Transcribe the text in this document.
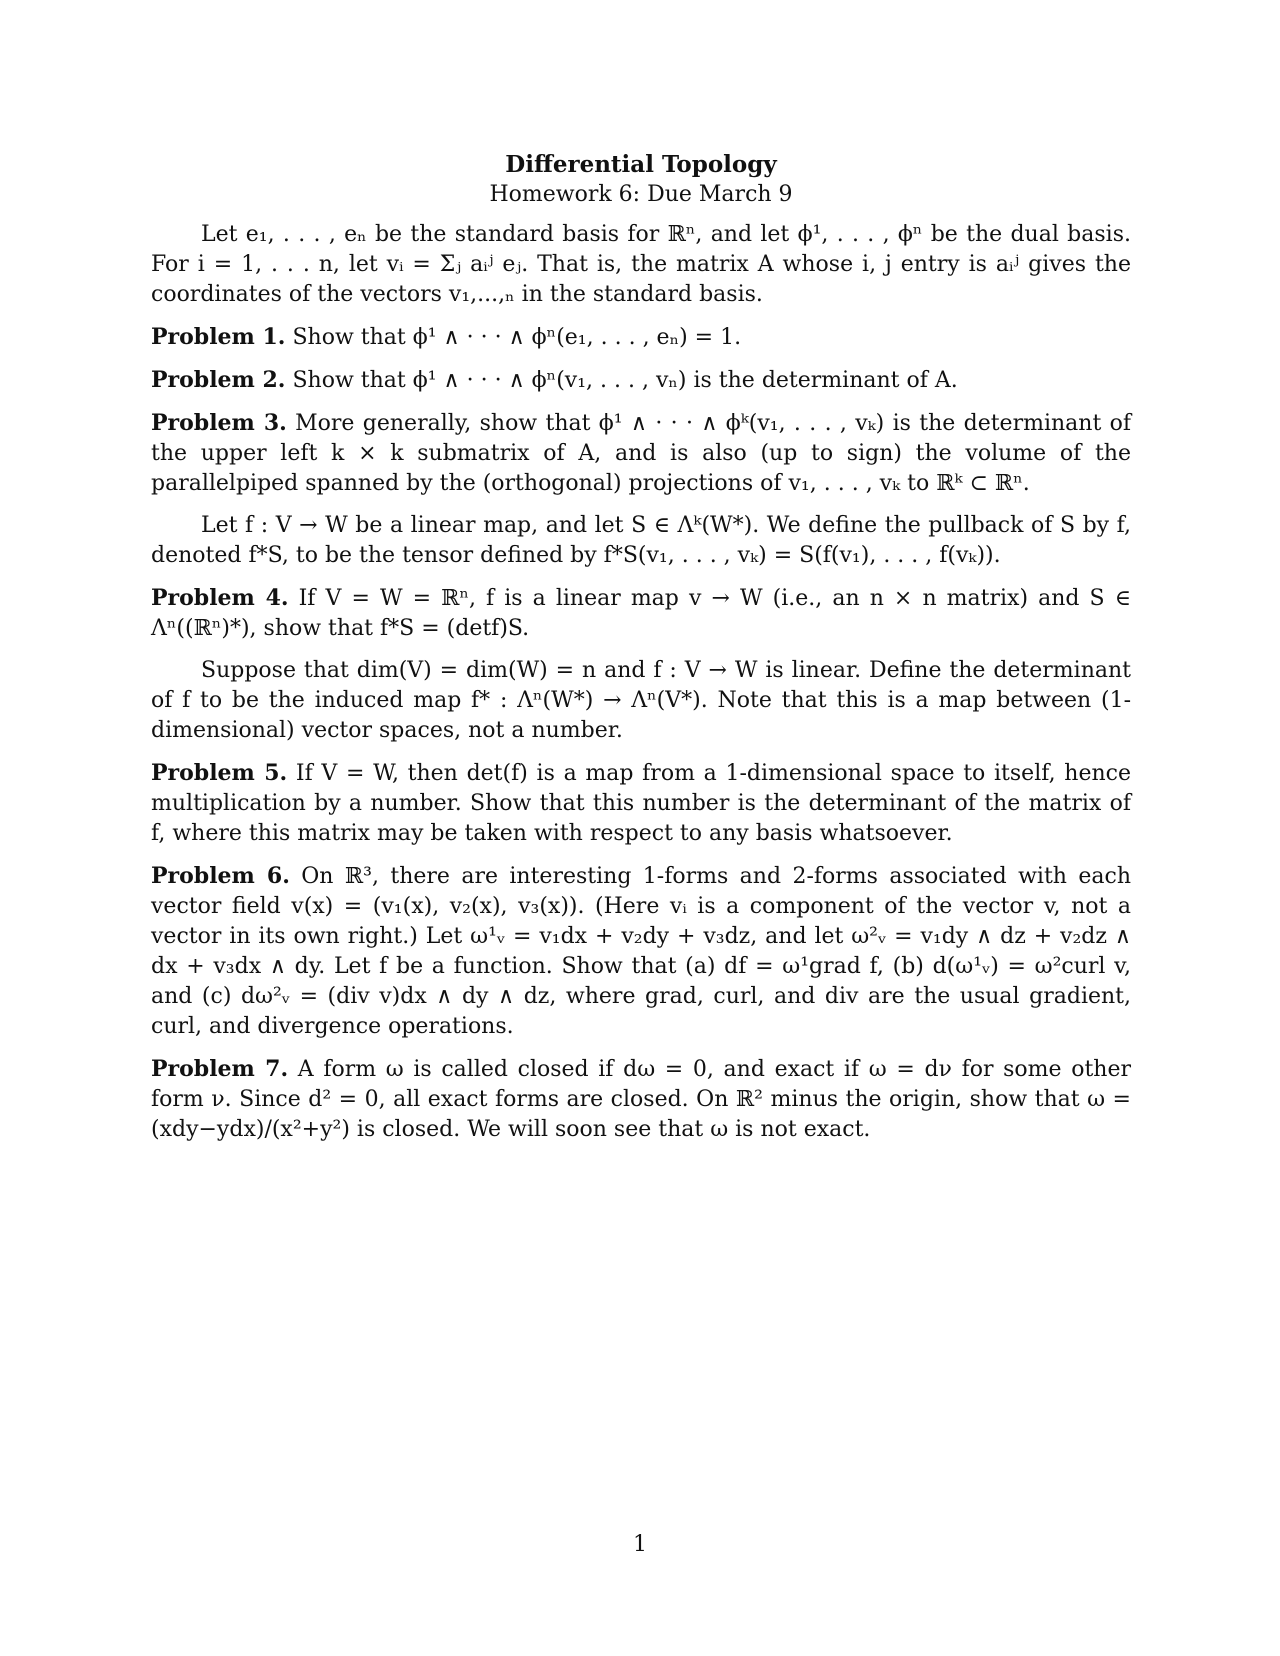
Differential Topology
Homework 6: Due March 9

Let e₁, . . . , eₙ be the standard basis for ℝⁿ, and let ϕ¹, . . . , ϕⁿ be the dual basis. For i = 1, . . . n, let vᵢ = Σⱼ aᵢʲ eⱼ. That is, the matrix A whose i, j entry is aᵢʲ gives the coordinates of the vectors v₁,...,ₙ in the standard basis.

Problem 1. Show that ϕ¹ ∧ · · · ∧ ϕⁿ(e₁, . . . , eₙ) = 1.

Problem 2. Show that ϕ¹ ∧ · · · ∧ ϕⁿ(v₁, . . . , vₙ) is the determinant of A.

Problem 3. More generally, show that ϕ¹ ∧ · · · ∧ ϕᵏ(v₁, . . . , vₖ) is the determinant of the upper left k × k submatrix of A, and is also (up to sign) the volume of the parallelpiped spanned by the (orthogonal) projections of v₁, . . . , vₖ to ℝᵏ ⊂ ℝⁿ.

Let f : V → W be a linear map, and let S ∈ Λᵏ(W*). We define the pullback of S by f, denoted f*S, to be the tensor defined by f*S(v₁, . . . , vₖ) = S(f(v₁), . . . , f(vₖ)).

Problem 4. If V = W = ℝⁿ, f is a linear map v → W (i.e., an n × n matrix) and S ∈ Λⁿ((ℝⁿ)*), show that f*S = (detf)S.

Suppose that dim(V) = dim(W) = n and f : V → W is linear. Define the determinant of f to be the induced map f* : Λⁿ(W*) → Λⁿ(V*). Note that this is a map between (1-dimensional) vector spaces, not a number.

Problem 5. If V = W, then det(f) is a map from a 1-dimensional space to itself, hence multiplication by a number. Show that this number is the determinant of the matrix of f, where this matrix may be taken with respect to any basis whatsoever.

Problem 6. On ℝ³, there are interesting 1-forms and 2-forms associated with each vector field v(x) = (v₁(x), v₂(x), v₃(x)). (Here vᵢ is a component of the vector v, not a vector in its own right.) Let ω¹ᵥ = v₁dx + v₂dy + v₃dz, and let ω²ᵥ = v₁dy ∧ dz + v₂dz ∧ dx + v₃dx ∧ dy. Let f be a function. Show that (a) df = ω¹grad f, (b) d(ω¹ᵥ) = ω²curl v, and (c) dω²ᵥ = (div v)dx ∧ dy ∧ dz, where grad, curl, and div are the usual gradient, curl, and divergence operations.

Problem 7. A form ω is called closed if dω = 0, and exact if ω = dν for some other form ν. Since d² = 0, all exact forms are closed. On ℝ² minus the origin, show that ω = (xdy−ydx)/(x²+y²) is closed. We will soon see that ω is not exact.

1
